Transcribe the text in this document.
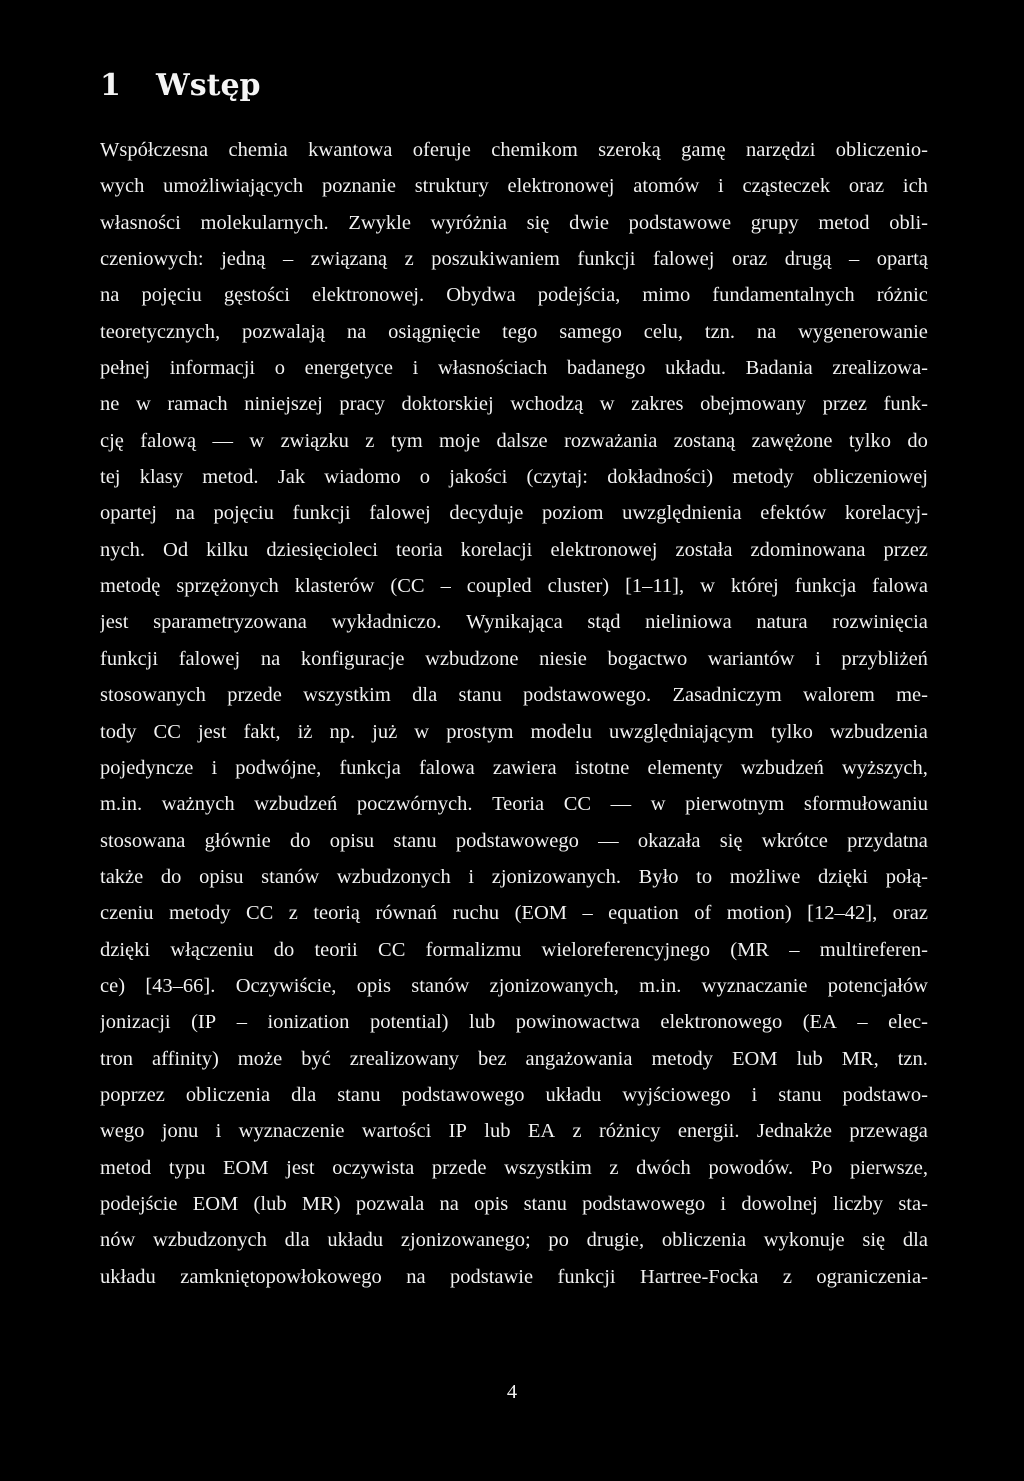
1 Wstęp
Współczesna chemia kwantowa oferuje chemikom szeroką gamę narzędzi obliczenio-
wych umożliwiających poznanie struktury elektronowej atomów i cząsteczek oraz ich
własności molekularnych. Zwykle wyróżnia się dwie podstawowe grupy metod obli-
czeniowych: jedną – związaną z poszukiwaniem funkcji falowej oraz drugą – opartą
na pojęciu gęstości elektronowej. Obydwa podejścia, mimo fundamentalnych różnic
teoretycznych, pozwalają na osiągnięcie tego samego celu, tzn. na wygenerowanie
pełnej informacji o energetyce i własnościach badanego układu. Badania zrealizowa-
ne w ramach niniejszej pracy doktorskiej wchodzą w zakres obejmowany przez funk-
cję falową — w związku z tym moje dalsze rozważania zostaną zawężone tylko do
tej klasy metod. Jak wiadomo o jakości (czytaj: dokładności) metody obliczeniowej
opartej na pojęciu funkcji falowej decyduje poziom uwzględnienia efektów korelacyj-
nych. Od kilku dziesięcioleci teoria korelacji elektronowej została zdominowana przez
metodę sprzężonych klasterów (CC – coupled cluster) [1–11], w której funkcja falowa
jest sparametryzowana wykładniczo. Wynikająca stąd nieliniowa natura rozwinięcia
funkcji falowej na konfiguracje wzbudzone niesie bogactwo wariantów i przybliżeń
stosowanych przede wszystkim dla stanu podstawowego. Zasadniczym walorem me-
tody CC jest fakt, iż np. już w prostym modelu uwzględniającym tylko wzbudzenia
pojedyncze i podwójne, funkcja falowa zawiera istotne elementy wzbudzeń wyższych,
m.in. ważnych wzbudzeń poczwórnych. Teoria CC — w pierwotnym sformułowaniu
stosowana głównie do opisu stanu podstawowego — okazała się wkrótce przydatna
także do opisu stanów wzbudzonych i zjonizowanych. Było to możliwe dzięki połą-
czeniu metody CC z teorią równań ruchu (EOM – equation of motion) [12–42], oraz
dzięki włączeniu do teorii CC formalizmu wieloreferencyjnego (MR – multireferen-
ce) [43–66]. Oczywiście, opis stanów zjonizowanych, m.in. wyznaczanie potencjałów
jonizacji (IP – ionization potential) lub powinowactwa elektronowego (EA – elec-
tron affinity) może być zrealizowany bez angażowania metody EOM lub MR, tzn.
poprzez obliczenia dla stanu podstawowego układu wyjściowego i stanu podstawo-
wego jonu i wyznaczenie wartości IP lub EA z różnicy energii. Jednakże przewaga
metod typu EOM jest oczywista przede wszystkim z dwóch powodów. Po pierwsze,
podejście EOM (lub MR) pozwala na opis stanu podstawowego i dowolnej liczby sta-
nów wzbudzonych dla układu zjonizowanego; po drugie, obliczenia wykonuje się dla
układu zamkniętopowłokowego na podstawie funkcji Hartree-Focka z ograniczenia-
4
